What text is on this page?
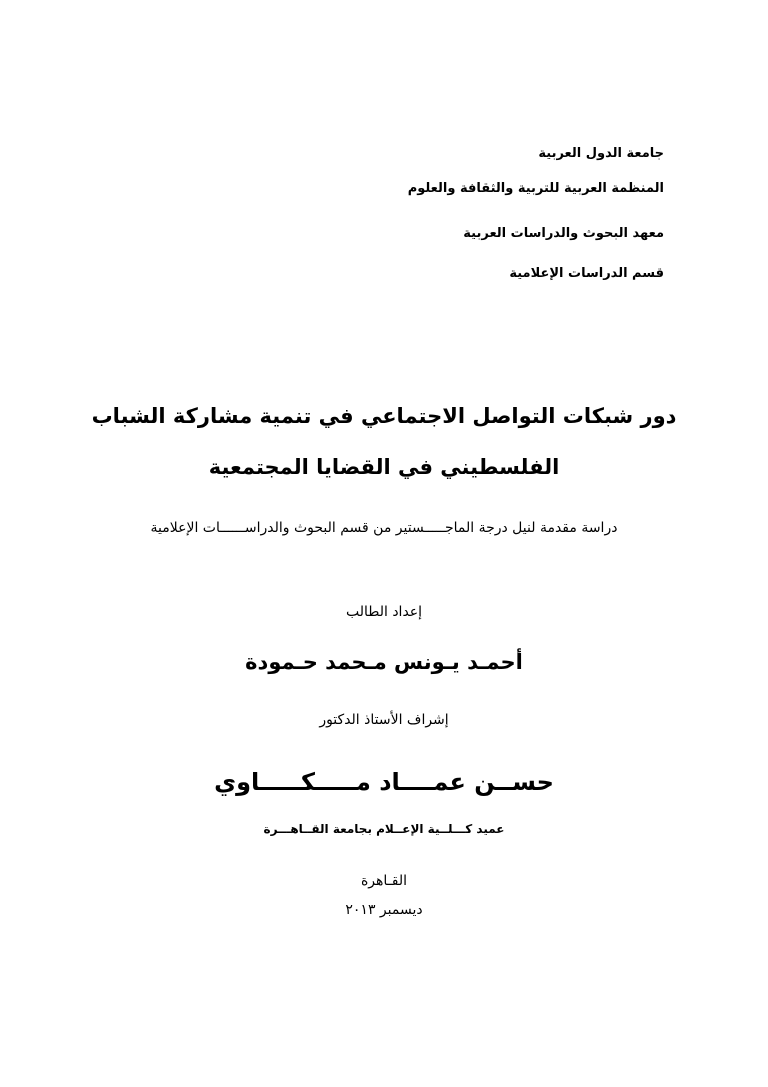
جامعة الدول العربية
المنظمة العربية للتربية والثقافة والعلوم
معهد البحوث والدراسات العربية
قسم الدراسات الإعلامية
دور شبكات التواصل الاجتماعي في تنمية مشاركة الشباب
الفلسطيني في القضايا المجتمعية
دراسة مقدمة لنيل درجة الماجـــــستير من قسم البحوث والدراســــــات الإعلامية
إعداد الطالب
أحمـد يـونس مـحمد حـمودة
إشراف الأستاذ الدكتور
حســن عمــــاد مـــــكـــــاوي
عميد كـــلــية الإعــلام بجامعة القــاهـــرة
القـاهرة
ديسمبر ٢٠١٣
